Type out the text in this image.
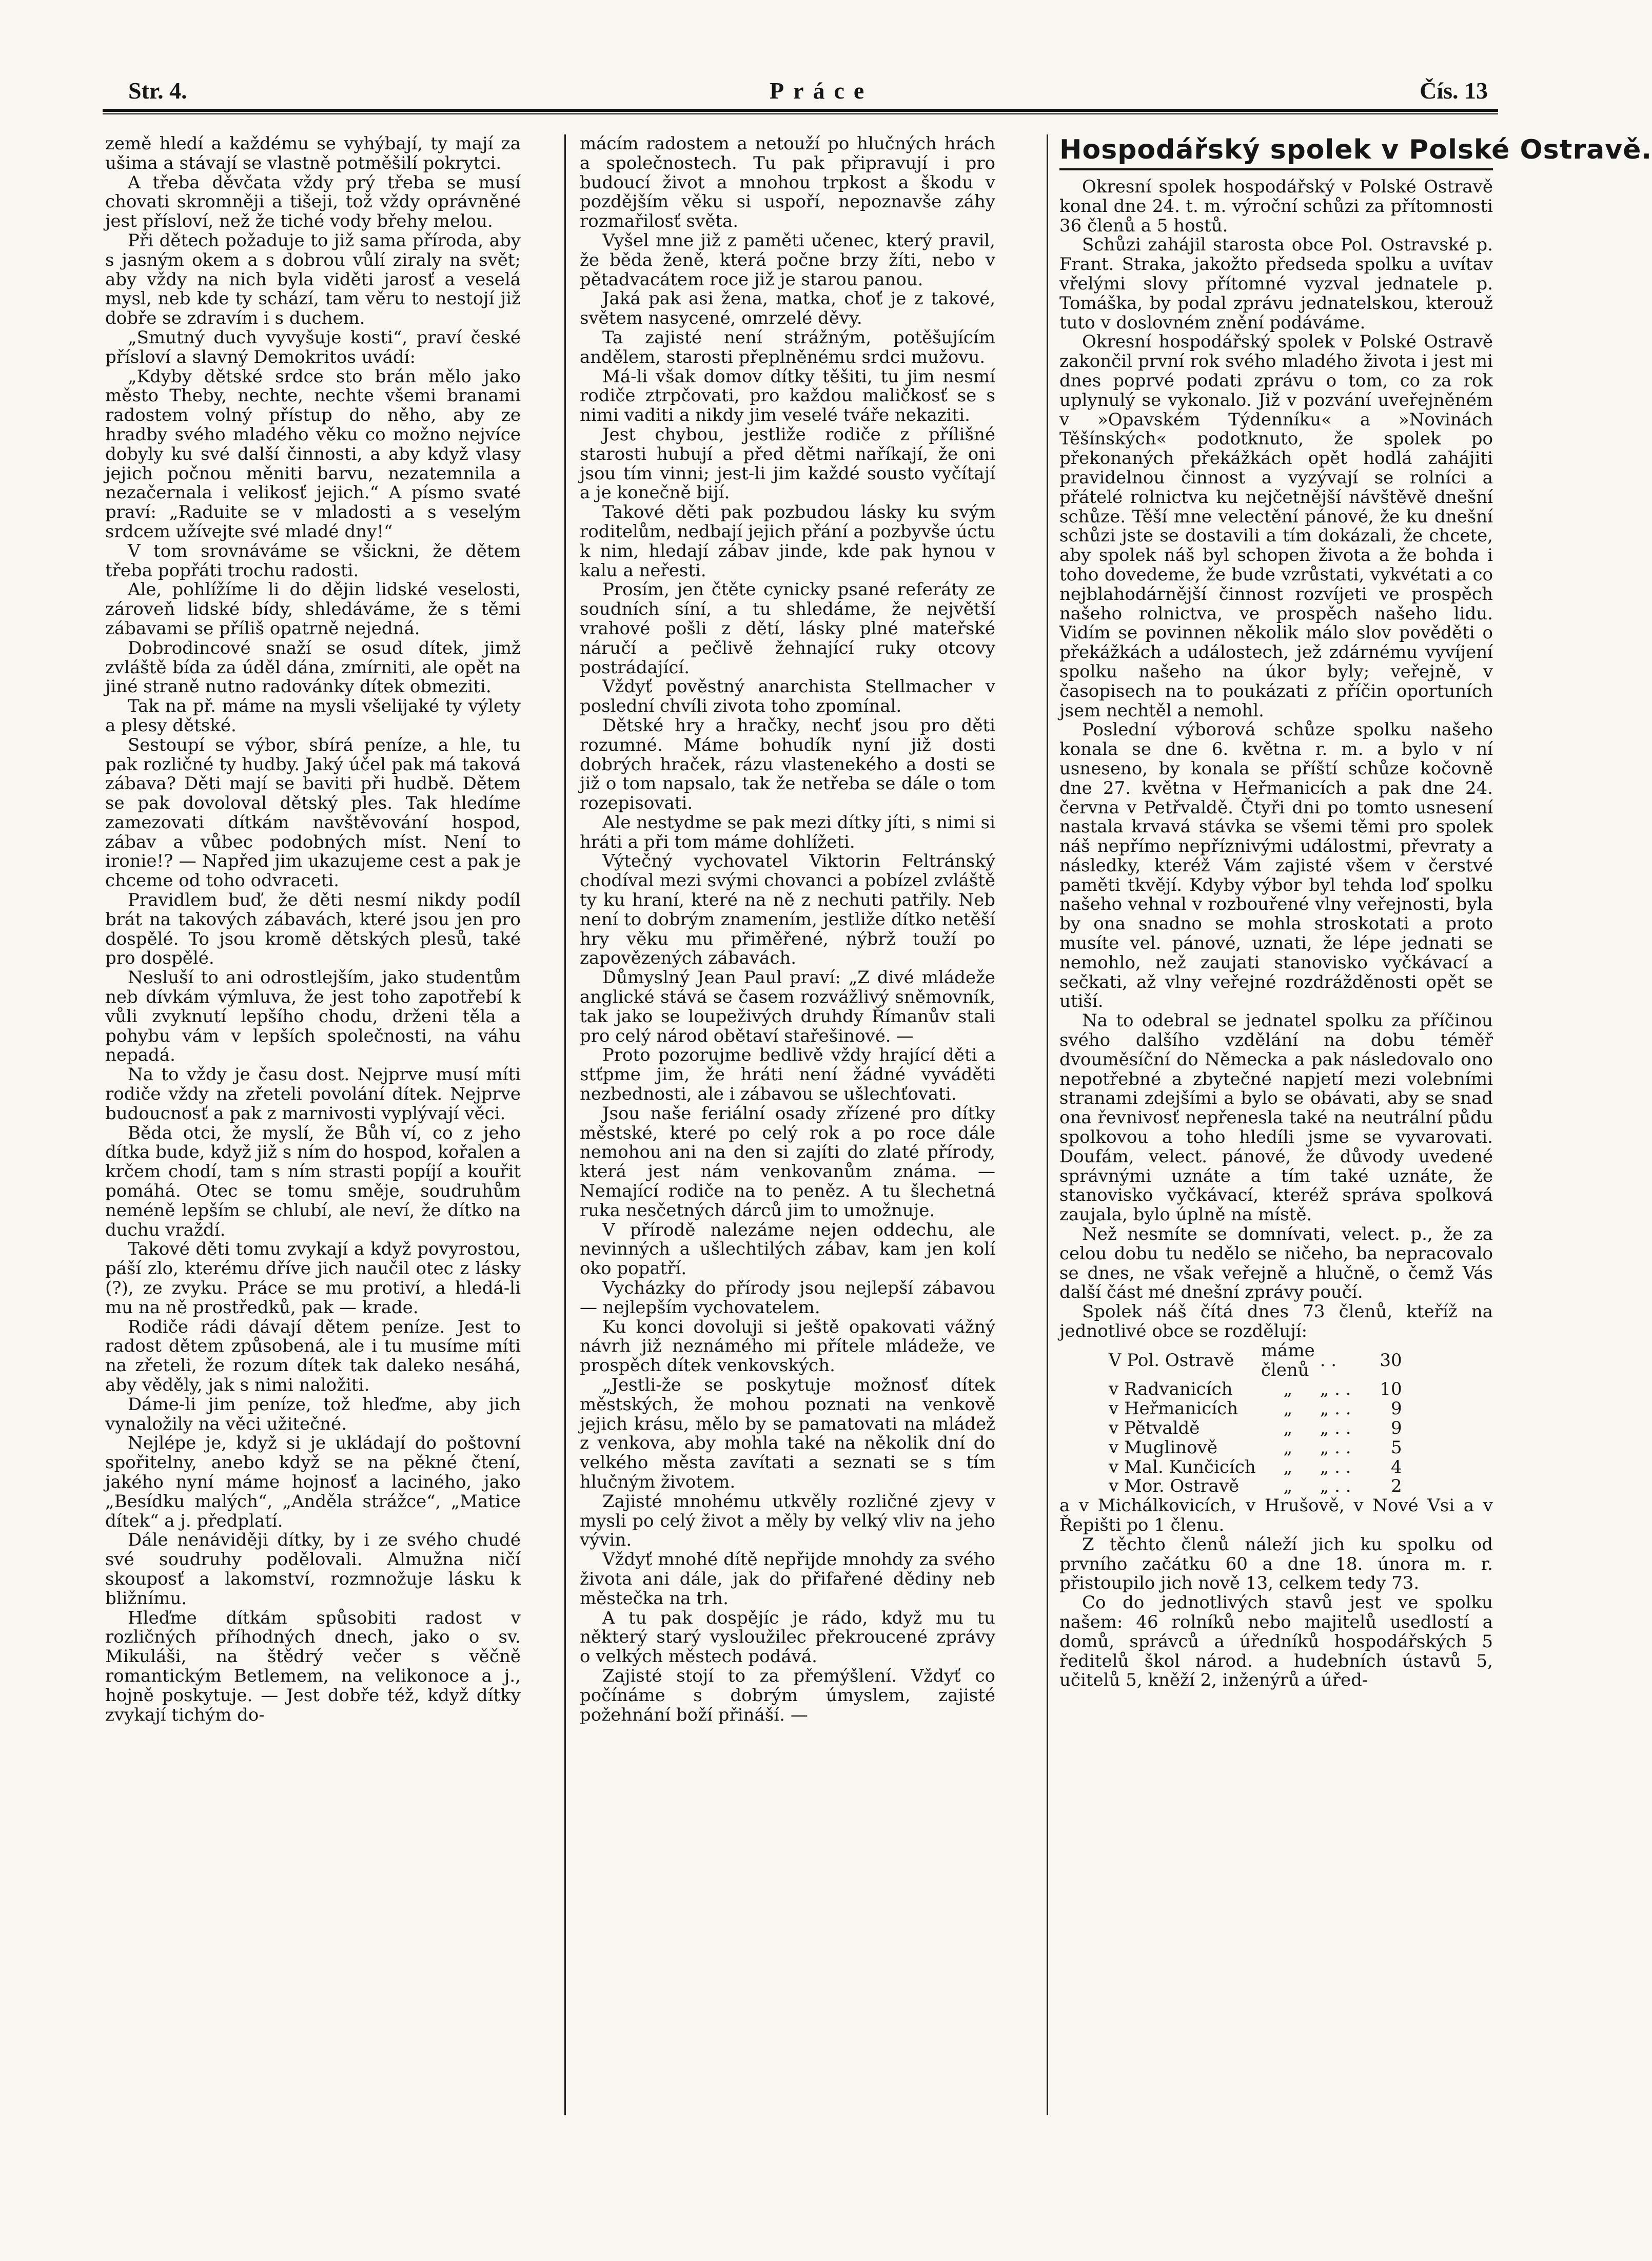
Str. 4.	Práce	Čís. 13

země hledí a každému se vyhýbají, ty mají za ušima a stávají se vlastně potměšilí pokrytci.

A třeba děvčata vždy prý třeba se musí chovati skromněji a tišeji, tož vždy oprávněné jest přísloví, než že tiché vody břehy melou.

Při dětech požaduje to již sama příroda, aby s jasným okem a s dobrou vůlí ziraly na svět; aby vždy na nich byla viděti jarosť a veselá mysl, neb kde ty schází, tam věru to nestojí již dobře se zdravím i s duchem.

„Smutný duch vyvyšuje kosti“, praví české přísloví a slavný Demokritos uvádí:

„Kdyby dětské srdce sto brán mělo jako město Theby, nechte, nechte všemi branami radostem volný přístup do něho, aby ze hradby svého mladého věku co možno nejvíce dobyly ku své další činnosti, a aby když vlasy jejich počnou měniti barvu, nezatemnila a nezačernala i velikosť jejich.“ A písmo svaté praví: „Raduite se v mladosti a s veselým srdcem užívejte své mladé dny!“

V tom srovnáváme se všickni, že dětem třeba popřáti trochu radosti.

Ale, pohlížíme li do dějin lidské veselosti, zároveň lidské bídy, shledáváme, že s těmi zábavami se příliš opatrně nejedná.

Dobrodincové snaží se osud dítek, jimž zvláště bída za úděl dána, zmírniti, ale opět na jiné straně nutno radovánky dítek obmeziti.

Tak na př. máme na mysli všelijaké ty výlety a plesy dětské.

Sestoupí se výbor, sbírá peníze, a hle, tu pak rozličné ty hudby. Jaký účel pak má taková zábava? Děti mají se baviti při hudbě. Dětem se pak dovoloval dětský ples. Tak hledíme zamezovati dítkám navštěvování hospod, zábav a vůbec podobných míst. Není to ironie!? — Napřed jim ukazujeme cest a pak je chceme od toho odvraceti.

Pravidlem buď, že děti nesmí nikdy podíl brát na takových zábavách, které jsou jen pro dospělé. To jsou kromě dětských plesů, také pro dospělé.

Nesluší to ani odrostlejším, jako studentům neb dívkám výmluva, že jest toho zapotřebí k vůli zvyknutí lepšího chodu, drženi těla a pohybu vám v lepších společnosti, na váhu nepadá.

Na to vždy je času dost. Nejprve musí míti rodiče vždy na zřeteli povolání dítek. Nejprve budoucnosť a pak z marnivosti vyplývají věci.

Běda otci, že myslí, že Bůh ví, co z jeho dítka bude, když již s ním do hospod, kořalen a krčem chodí, tam s ním strasti popíjí a kouřit pomáhá. Otec se tomu směje, soudruhům neméně lepším se chlubí, ale neví, že dítko na duchu vraždí.

Takové děti tomu zvykají a když povyrostou, páší zlo, kterému dříve jich naučil otec z lásky (?), ze zvyku. Práce se mu protiví, a hledá-li mu na ně prostředků, pak — krade.

Rodiče rádi dávají dětem peníze. Jest to radost dětem způsobená, ale i tu musíme míti na zřeteli, že rozum dítek tak daleko nesáhá, aby věděly, jak s nimi naložiti.

Dáme-li jim peníze, tož hleďme, aby jich vynaložily na věci užitečné.

Nejlépe je, když si je ukládají do poštovní spořitelny, anebo když se na pěkné čtení, jakého nyní máme hojnosť a laciného, jako „Besídku malých“, „Anděla strážce“, „Matice dítek“ a j. předplatí.

Dále nenáviději dítky, by i ze svého chudé své soudruhy podělovali. Almužna ničí skouposť a lakomství, rozmnožuje lásku k bližnímu.

Hleďme dítkám spůsobiti radost v rozličných příhodných dnech, jako o sv. Mikuláši, na štědrý večer s věčně romantickým Betlemem, na velikonoce a j., hojně poskytuje. — Jest dobře též, když dítky zvykají tichým do-

mácím radostem a netouží po hlučných hrách a společnostech. Tu pak připravují i pro budoucí život a mnohou trpkost a škodu v pozdějším věku si uspoří, nepoznavše záhy rozmařilosť světa.

Vyšel mne již z paměti učenec, který pravil, že běda ženě, která počne brzy žíti, nebo v pětadvacátem roce již je starou panou.

Jaká pak asi žena, matka, choť je z takové, světem nasycené, omrzelé děvy.

Ta zajisté není strážným, potěšujícím andělem, starosti přeplněnému srdci mužovu.

Má-li však domov dítky těšiti, tu jim nesmí rodiče ztrpčovati, pro každou maličkosť se s nimi vaditi a nikdy jim veselé tváře nekaziti.

Jest chybou, jestliže rodiče z přílišné starosti hubují a před dětmi naříkají, že oni jsou tím vinni; jest-li jim každé sousto vyčítají a je konečně bijí.

Takové děti pak pozbudou lásky ku svým roditelům, nedbají jejich přání a pozbyvše úctu k nim, hledají zábav jinde, kde pak hynou v kalu a neřesti.

Prosím, jen čtěte cynicky psané referáty ze soudních síní, a tu shledáme, že největší vrahové pošli z dětí, lásky plné mateřské náručí a pečlivě žehnající ruky otcovy postrádající.

Vždyť pověstný anarchista Stellmacher v poslední chvíli zivota toho zpomínal.

Dětské hry a hračky, nechť jsou pro děti rozumné. Máme bohudík nyní již dosti dobrých hraček, rázu vlastenekého a dosti se již o tom napsalo, tak že netřeba se dále o tom rozepisovati.

Ale nestydme se pak mezi dítky jíti, s nimi si hráti a při tom máme dohlížeti.

Výtečný vychovatel Viktorin Feltránský chodíval mezi svými chovanci a pobízel zvláště ty ku hraní, které na ně z nechuti patřily. Neb není to dobrým znamením, jestliže dítko netěší hry věku mu přiměřené, nýbrž touží po zapovězených zábavách.

Důmyslný Jean Paul praví: „Z divé mládeže anglické stává se časem rozvážlivý sněmovník, tak jako se loupeživých druhdy Římanův stali pro celý národ obětaví stařešinové. —

Proto pozorujme bedlivě vždy hrající děti a stťpme jim, že hráti není žádné vyváděti nezbednosti, ale i zábavou se ušlechťovati.

Jsou naše feriální osady zřízené pro dítky městské, které po celý rok a po roce dále nemohou ani na den si zajíti do zlaté přírody, která jest nám venkovanům známa. — Nemající rodiče na to peněz. A tu šlechetná ruka nesčetných dárců jim to umožnuje.

V přírodě nalezáme nejen oddechu, ale nevinných a ušlechtilých zábav, kam jen kolí oko popatří.

Vycházky do přírody jsou nejlepší zábavou — nejlepším vychovatelem.

Ku konci dovoluji si ještě opakovati vážný návrh již neznámého mi přítele mládeže, ve prospěch dítek venkovských.

„Jestli-že se poskytuje možnosť dítek městských, že mohou poznati na venkově jejich krásu, mělo by se pamatovati na mládež z venkova, aby mohla také na několik dní do velkého města zavítati a seznati se s tím hlučným životem.

Zajisté mnohému utkvěly rozličné zjevy v mysli po celý život a měly by velký vliv na jeho vývin.

Vždyť mnohé dítě nepřijde mnohdy za svého života ani dále, jak do přifařené dědiny neb městečka na trh.

A tu pak dospějíc je rádo, když mu tu některý starý vysloužilec překroucené zprávy o velkých městech podává.

Zajisté stojí to za přemýšlení. Vždyť co počínáme s dobrým úmyslem, zajisté požehnání boží přináší. —

Hospodářský spolek v Polské Ostravě.

Okresní spolek hospodářský v Polské Ostravě konal dne 24. t. m. výroční schůzi za přítomnosti 36 členů a 5 hostů.

Schůzi zahájil starosta obce Pol. Ostravské p. Frant. Straka, jakožto předseda spolku a uvítav vřelými slovy přítomné vyzval jednatele p. Tomáška, by podal zprávu jednatelskou, kterouž tuto v doslovném znění podáváme.

Okresní hospodářský spolek v Polské Ostravě zakončil první rok svého mladého života i jest mi dnes poprvé podati zprávu o tom, co za rok uplynulý se vykonalo. Již v pozvání uveřejněném v »Opavském Týdenníku« a »Novinách Těšínských« podotknuto, že spolek po překonaných překážkách opět hodlá zahájiti pravidelnou činnost a vyzývají se rolníci a přátelé rolnictva ku nejčetnější návštěvě dnešní schůze. Těší mne velectění pánové, že ku dnešní schůzi jste se dostavili a tím dokázali, že chcete, aby spolek náš byl schopen života a že bohda i toho dovedeme, že bude vzrůstati, vykvétati a co nejblahodárnější činnost rozvíjeti ve prospěch našeho rolnictva, ve prospěch našeho lidu. Vidím se povinnen několik málo slov pověděti o překážkách a událostech, jež zdárnému vyvíjení spolku našeho na úkor byly; veřejně, v časopisech na to poukázati z příčin oportuních jsem nechtěl a nemohl.

Poslední výborová schůze spolku našeho konala se dne 6. května r. m. a bylo v ní usneseno, by konala se příští schůze kočovně dne 27. května v Heřmanicích a pak dne 24. června v Petřvaldě. Čtyři dni po tomto usnesení nastala krvavá stávka se všemi těmi pro spolek náš nepřímo nepříznivými událostmi, převraty a následky, kteréž Vám zajisté všem v čerstvé paměti tkvějí. Kdyby výbor byl tehda loď spolku našeho vehnal v rozbouřené vlny veřejnosti, byla by ona snadno se mohla stroskotati a proto musíte vel. pánové, uznati, že lépe jednati se nemohlo, než zaujati stanovisko vyčkávací a sečkati, až vlny veřejné rozdrážděnosti opět se utiší.

Na to odebral se jednatel spolku za příčinou svého dalšího vzdělání na dobu téměř dvouměsíční do Německa a pak následovalo ono nepotřebné a zbytečné napjetí mezi volebními stranami zdejšími a bylo se obávati, aby se snad ona řevnivosť nepřenesla také na neutrální půdu spolkovou a toho hledíli jsme se vyvarovati. Doufám, velect. pánové, že důvody uvedené správnými uznáte a tím také uznáte, že stanovisko vyčkávací, kteréž správa spolková zaujala, bylo úplně na místě.

Než nesmíte se domnívati, velect. p., že za celou dobu tu nedělo se ničeho, ba nepracovalo se dnes, ne však veřejně a hlučně, o čemž Vás další část mé dnešní zprávy poučí.

Spolek náš čítá dnes 73 členů, kteříž na jednotlivé obce se rozdělují:

V Pol. Ostravě	máme členů	. .	30
v Radvanicích	„	„ . .	10
v Heřmanicích	„	„ . .	9
v Pětvaldě	„	„ . .	9
v Muglinově	„	„ . .	5
v Mal. Kunčicích	„	„ . .	4
v Mor. Ostravě	„	„ . .	2

a v Michálkovicích, v Hrušově, v Nové Vsi a v Řepišti po 1 členu.

Z těchto členů náleží jich ku spolku od prvního začátku 60 a dne 18. února m. r. přistoupilo jich nově 13, celkem tedy 73.

Co do jednotlivých stavů jest ve spolku našem: 46 rolníků nebo majitelů usedlostí a domů, správců a úředníků hospodářských 5 ředitelů škol národ. a hudebních ústavů 5, učitelů 5, kněží 2, inženýrů a úřed-
